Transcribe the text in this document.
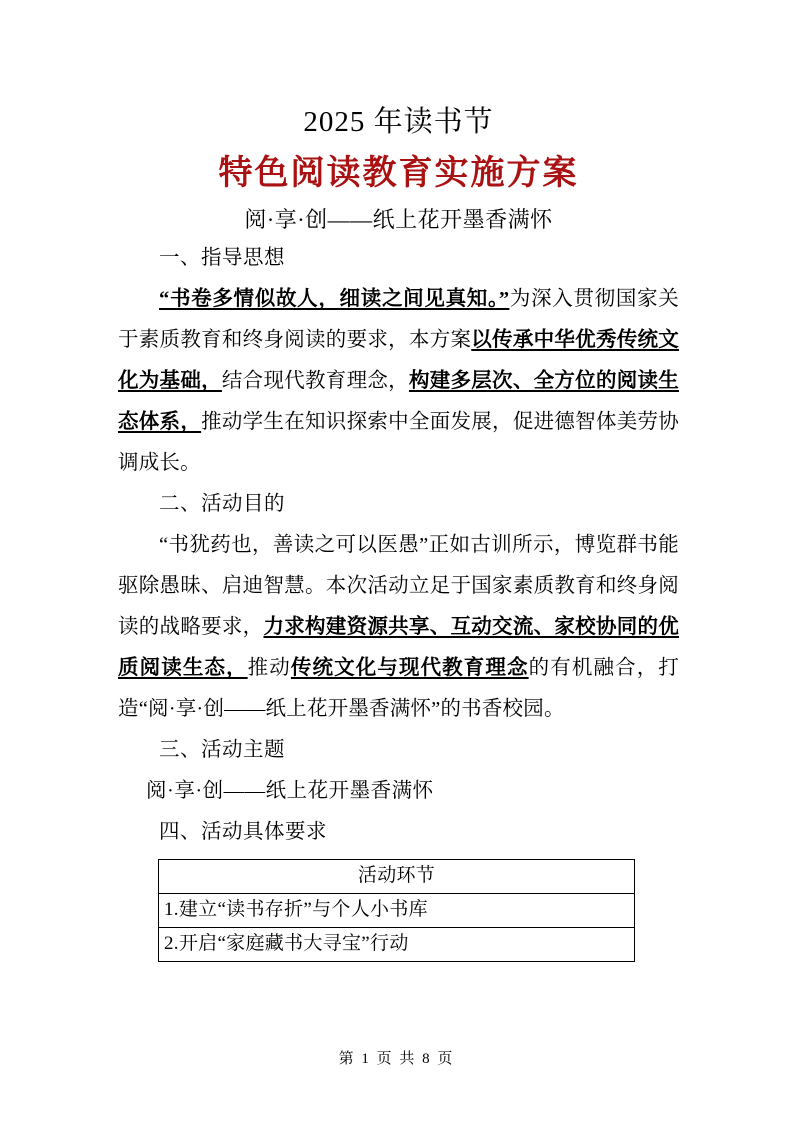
2025 年读书节
特色阅读教育实施方案
阅·享·创——纸上花开墨香满怀
一、指导思想
“书卷多情似故人，细读之间见真知。”为深入贯彻国家关于素质教育和终身阅读的要求，本方案以传承中华优秀传统文化为基础，结合现代教育理念，构建多层次、全方位的阅读生态体系，推动学生在知识探索中全面发展，促进德智体美劳协调成长。
二、活动目的
“书犹药也，善读之可以医愚”正如古训所示，博览群书能驱除愚昧、启迪智慧。本次活动立足于国家素质教育和终身阅读的战略要求，力求构建资源共享、互动交流、家校协同的优质阅读生态，推动传统文化与现代教育理念的有机融合，打造“阅·享·创——纸上花开墨香满怀”的书香校园。
三、活动主题
阅·享·创——纸上花开墨香满怀
四、活动具体要求
活动环节
1.建立“读书存折”与个人小书库
2.开启“家庭藏书大寻宝”行动
第 1 页 共 8 页
